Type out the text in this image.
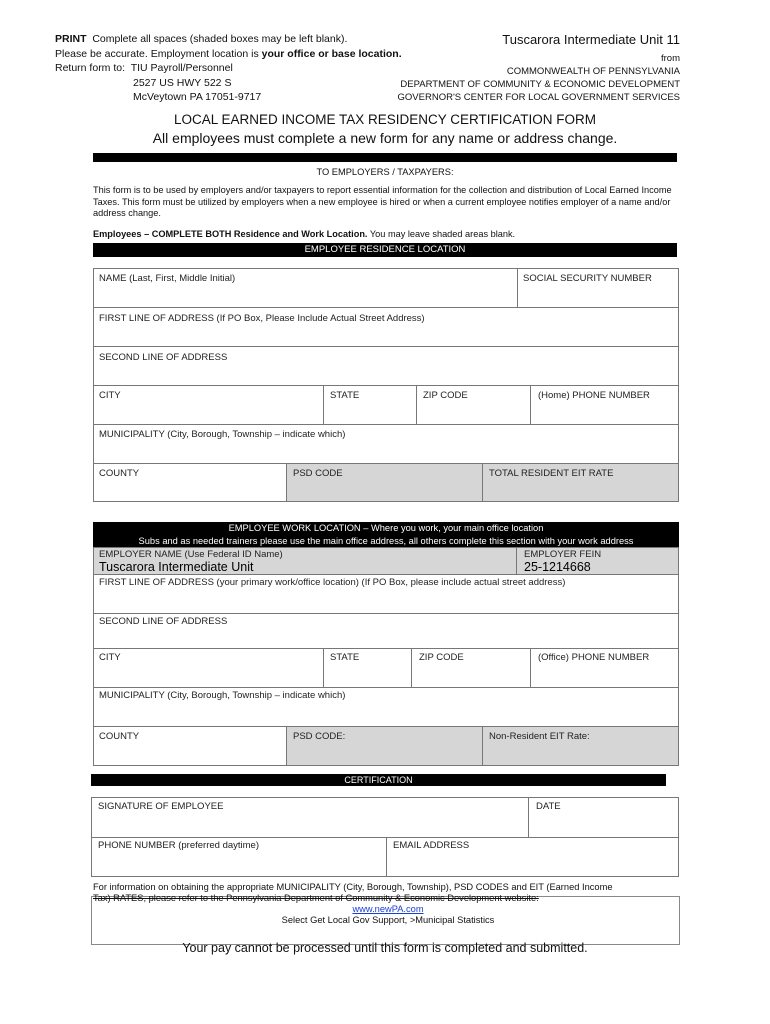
PRINT Complete all spaces (shaded boxes may be left blank).
Please be accurate. Employment location is your office or base location.
Return form to: TIU Payroll/Personnel
2527 US HWY 522 S
McVeytown PA 17051-9717
Tuscarora Intermediate Unit 11
from
COMMONWEALTH OF PENNSYLVANIA
DEPARTMENT OF COMMUNITY & ECONOMIC DEVELOPMENT
GOVERNOR'S CENTER FOR LOCAL GOVERNMENT SERVICES
LOCAL EARNED INCOME TAX RESIDENCY CERTIFICATION FORM
All employees must complete a new form for any name or address change.
TO EMPLOYERS / TAXPAYERS:
This form is to be used by employers and/or taxpayers to report essential information for the collection and distribution of Local Earned Income Taxes. This form must be utilized by employers when a new employee is hired or when a current employee notifies employer of a name and/or address change.
Employees – COMPLETE BOTH Residence and Work Location. You may leave shaded areas blank.
EMPLOYEE RESIDENCE LOCATION
NAME (Last, First, Middle Initial)	SOCIAL SECURITY NUMBER
FIRST LINE OF ADDRESS (If PO Box, Please Include Actual Street Address)
SECOND LINE OF ADDRESS
CITY	STATE	ZIP CODE	(Home) PHONE NUMBER
MUNICIPALITY (City, Borough, Township – indicate which)
COUNTY	PSD CODE	TOTAL RESIDENT EIT RATE
EMPLOYEE WORK LOCATION – Where you work, your main office location
Subs and as needed trainers please use the main office address, all others complete this section with your work address
EMPLOYER NAME (Use Federal ID Name)
Tuscarora Intermediate Unit
EMPLOYER FEIN
25-1214668
FIRST LINE OF ADDRESS (your primary work/office location) (If PO Box, please include actual street address)
SECOND LINE OF ADDRESS
CITY	STATE	ZIP CODE	(Office) PHONE NUMBER
MUNICIPALITY (City, Borough, Township – indicate which)
COUNTY	PSD CODE:	Non-Resident EIT Rate:
CERTIFICATION
SIGNATURE OF EMPLOYEE	DATE
PHONE NUMBER (preferred daytime)	EMAIL ADDRESS
For information on obtaining the appropriate MUNICIPALITY (City, Borough, Township), PSD CODES and EIT (Earned Income
Tax) RATES, please refer to the Pennsylvania Department of Community & Economic Development website:
www.newPA.com
Select Get Local Gov Support, >Municipal Statistics
Your pay cannot be processed until this form is completed and submitted.
